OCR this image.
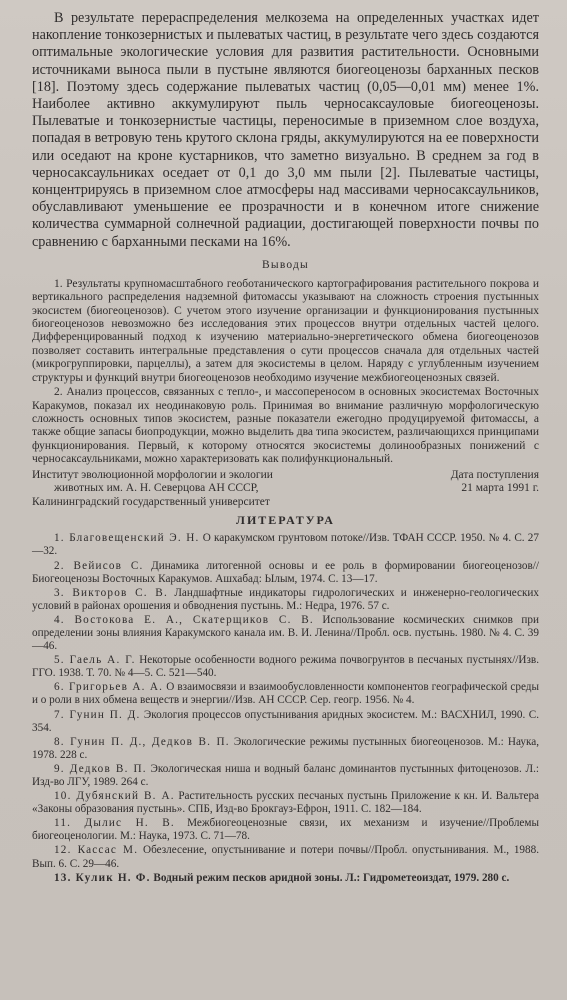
В результате перераспределения мелкозема на определенных участках идет накопление тонкозернистых и пылеватых частиц, в результате чего здесь создаются оптимальные экологические условия для развития растительности. Основными источниками выноса пыли в пустыне являются биогеоценозы барханных песков [18]. Поэтому здесь содержание пылеватых частиц (0,05—0,01 мм) менее 1%. Наиболее активно аккумулируют пыль черносаксауловые биогеоценозы. Пылеватые и тонкозернистые частицы, переносимые в приземном слое воздуха, попадая в ветровую тень крутого склона гряды, аккумулируются на ее поверхности или оседают на кроне кустарников, что заметно визуально. В среднем за год в черносаксаульниках оседает от 0,1 до 3,0 мм пыли [2]. Пылеватые частицы, концентрируясь в приземном слое атмосферы над массивами черносаксаульников, обуславливают уменьшение ее прозрачности и в конечном итоге снижение количества суммарной солнечной радиации, достигающей поверхности почвы по сравнению с барханными песками на 16%.

Выводы

1. Результаты крупномасштабного геоботанического картографирования растительного покрова и вертикального распределения надземной фитомассы указывают на сложность строения пустынных экосистем (биогеоценозов). С учетом этого изучение организации и функционирования пустынных биогеоценозов невозможно без исследования этих процессов внутри отдельных частей целого. Дифференцированный подход к изучению материально-энергетического обмена биогеоценозов позволяет составить интегральные представления о сути процессов сначала для отдельных частей (микрогруппировки, парцеллы), а затем для экосистемы в целом. Наряду с углубленным изучением структуры и функций внутри биогеоценозов необходимо изучение межбиогеоценозных связей.

2. Анализ процессов, связанных с тепло-, и массопереносом в основных экосистемах Восточных Каракумов, показал их неодинаковую роль. Принимая во внимание различную морфологическую сложность основных типов экосистем, разные показатели ежегодно продуцируемой фитомассы, а также общие запасы биопродукции, можно выделить два типа экосистем, различающихся принципами функционирования. Первый, к которому относятся экосистемы долинообразных понижений с черносаксаульниками, можно характеризовать как полифункциональный.

Институт эволюционной морфологии и экологии
животных им. А. Н. Северцова АН СССР,
Калининградский государственный университет
Дата поступления
21 марта 1991 г.
ЛИТЕРАТУРА

1. Благовещенский Э. Н. О каракумском грунтовом потоке//Изв. ТФАН СССР. 1950. № 4. С. 27—32.

2. Вейисов С. Динамика литогенной основы и ее роль в формировании биогеоценозов//Биогеоценозы Восточных Каракумов. Ашхабад: Ылым, 1974. С. 13—17.

3. Викторов С. В. Ландшафтные индикаторы гидрологических и инженерно-геологических условий в районах орошения и обводнения пустынь. М.: Недра, 1976. 57 с.

4. Востокова Е. А., Скатерщиков С. В. Использование космических снимков при определении зоны влияния Каракумского канала им. В. И. Ленина//Пробл. осв. пустынь. 1980. № 4. С. 39—46.

5. Гаель А. Г. Некоторые особенности водного режима почвогрунтов в песчаных пустынях//Изв. ГГО. 1938. Т. 70. № 4—5. С. 521—540.

6. Григорьев А. А. О взаимосвязи и взаимообусловленности компонентов географической среды и о роли в них обмена веществ и энергии//Изв. АН СССР. Сер. геогр. 1956. № 4.

7. Гунин П. Д. Экология процессов опустынивания аридных экосистем. М.: ВАСХНИЛ, 1990. С. 354.

8. Гунин П. Д., Дедков В. П. Экологические режимы пустынных биогеоценозов. М.: Наука, 1978. 228 с.

9. Дедков В. П. Экологическая ниша и водный баланс доминантов пустынных фитоценозов. Л.: Изд-во ЛГУ, 1989. 264 с.

10. Дубянский В. А. Растительность русских песчаных пустынь Приложение к кн. И. Вальтера «Законы образования пустынь». СПБ, Изд-во Брокгауз-Ефрон, 1911. С. 182—184.

11. Дылис Н. В. Межбиогеоценозные связи, их механизм и изучение//Проблемы биогеоценологии. М.: Наука, 1973. С. 71—78.

12. Кассас М. Обезлесение, опустынивание и потери почвы//Пробл. опустынивания. М., 1988. Вып. 6. С. 29—46.

13. Кулик Н. Ф. Водный режим песков аридной зоны. Л.: Гидрометеоиздат, 1979. 280 с.
